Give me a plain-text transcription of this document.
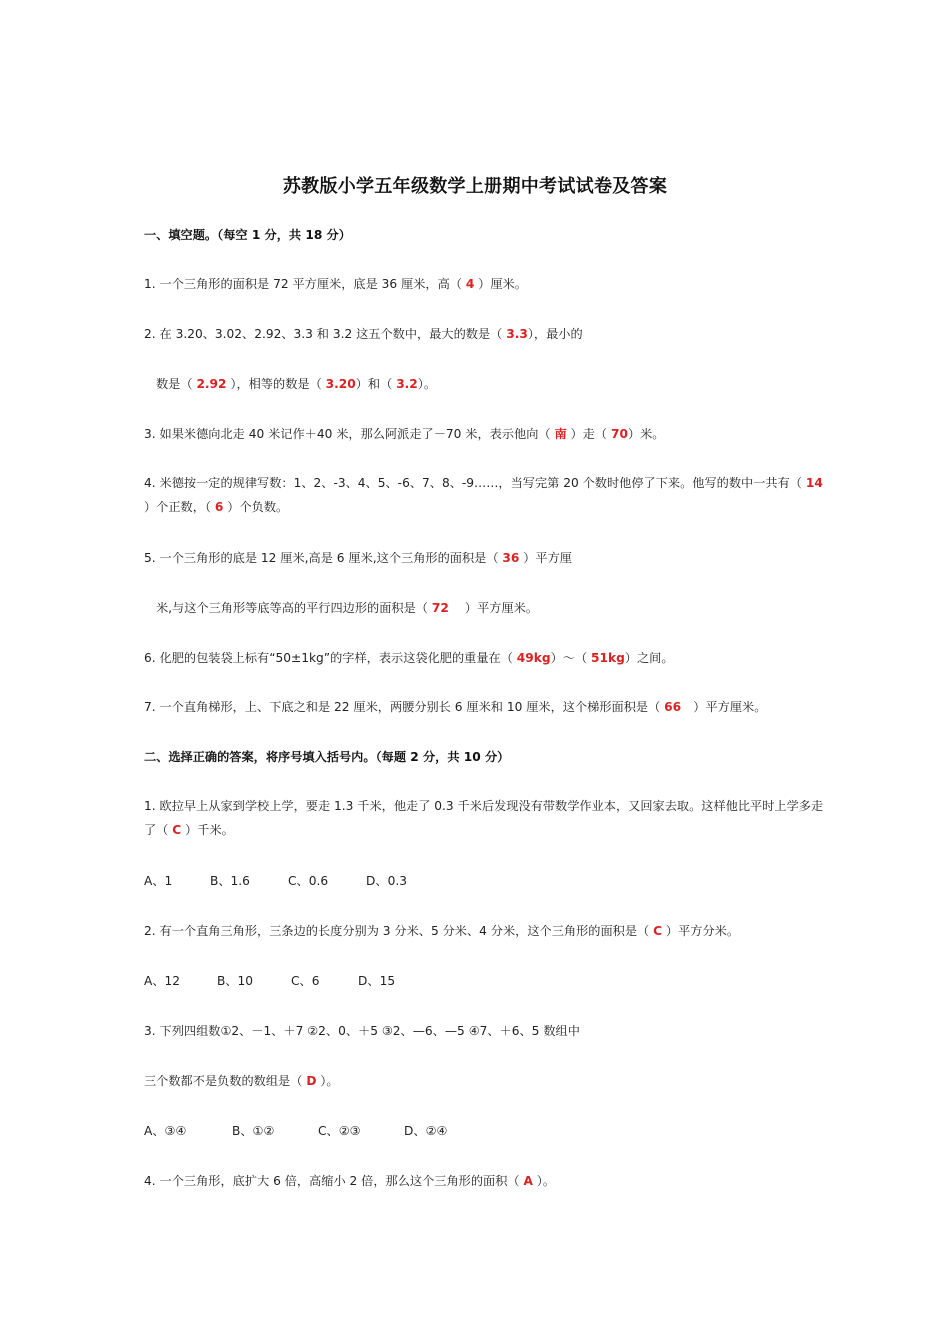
苏教版小学五年级数学上册期中考试试卷及答案
一、填空题。（每空 1 分，共 18 分）
1. 一个三角形的面积是 72 平方厘米，底是 36 厘米，高（ 4 ）厘米。
2. 在 3.20、3.02、2.92、3.3 和 3.2 这五个数中，最大的数是（ 3.3），最小的
数是（ 2.92 ），相等的数是（ 3.20）和（ 3.2）。
3. 如果米德向北走 40 米记作＋40 米，那么阿派走了－70 米，表示他向（ 南 ）走（ 70）米。
4. 米德按一定的规律写数：1、2、-3、4、5、-6、7、8、-9……，当写完第 20 个数时他停了下来。他写的数中一共有（ 14 ）个正数，（ 6 ）个负数。
5. 一个三角形的底是 12 厘米,高是 6 厘米,这个三角形的面积是（ 36 ）平方厘
米,与这个三角形等底等高的平行四边形的面积是（ 72　 ）平方厘米。
6. 化肥的包装袋上标有“50±1kg”的字样，表示这袋化肥的重量在（ 49kg）～（ 51kg）之间。
7. 一个直角梯形，上、下底之和是 22 厘米，两腰分别长 6 厘米和 10 厘米，这个梯形面积是（ 66　）平方厘米。
二、选择正确的答案，将序号填入括号内。（每题 2 分，共 10 分）
1. 欧拉早上从家到学校上学，要走 1.3 千米，他走了 0.3 千米后发现没有带数学作业本，又回家去取。这样他比平时上学多走了（ C ）千米。
A、1	B、1.6	C、0.6	D、0.3
2. 有一个直角三角形，三条边的长度分别为 3 分米、5 分米、4 分米，这个三角形的面积是（ C ）平方分米。
A、12	B、10	C、6	D、15
3. 下列四组数①2、－1、＋7 ②2、0、＋5 ③2、—6、—5 ④7、＋6、5 数组中
三个数都不是负数的数组是（ D ）。
A、③④	B、①②	C、②③	D、②④
4. 一个三角形，底扩大 6 倍，高缩小 2 倍，那么这个三角形的面积（ A ）。
